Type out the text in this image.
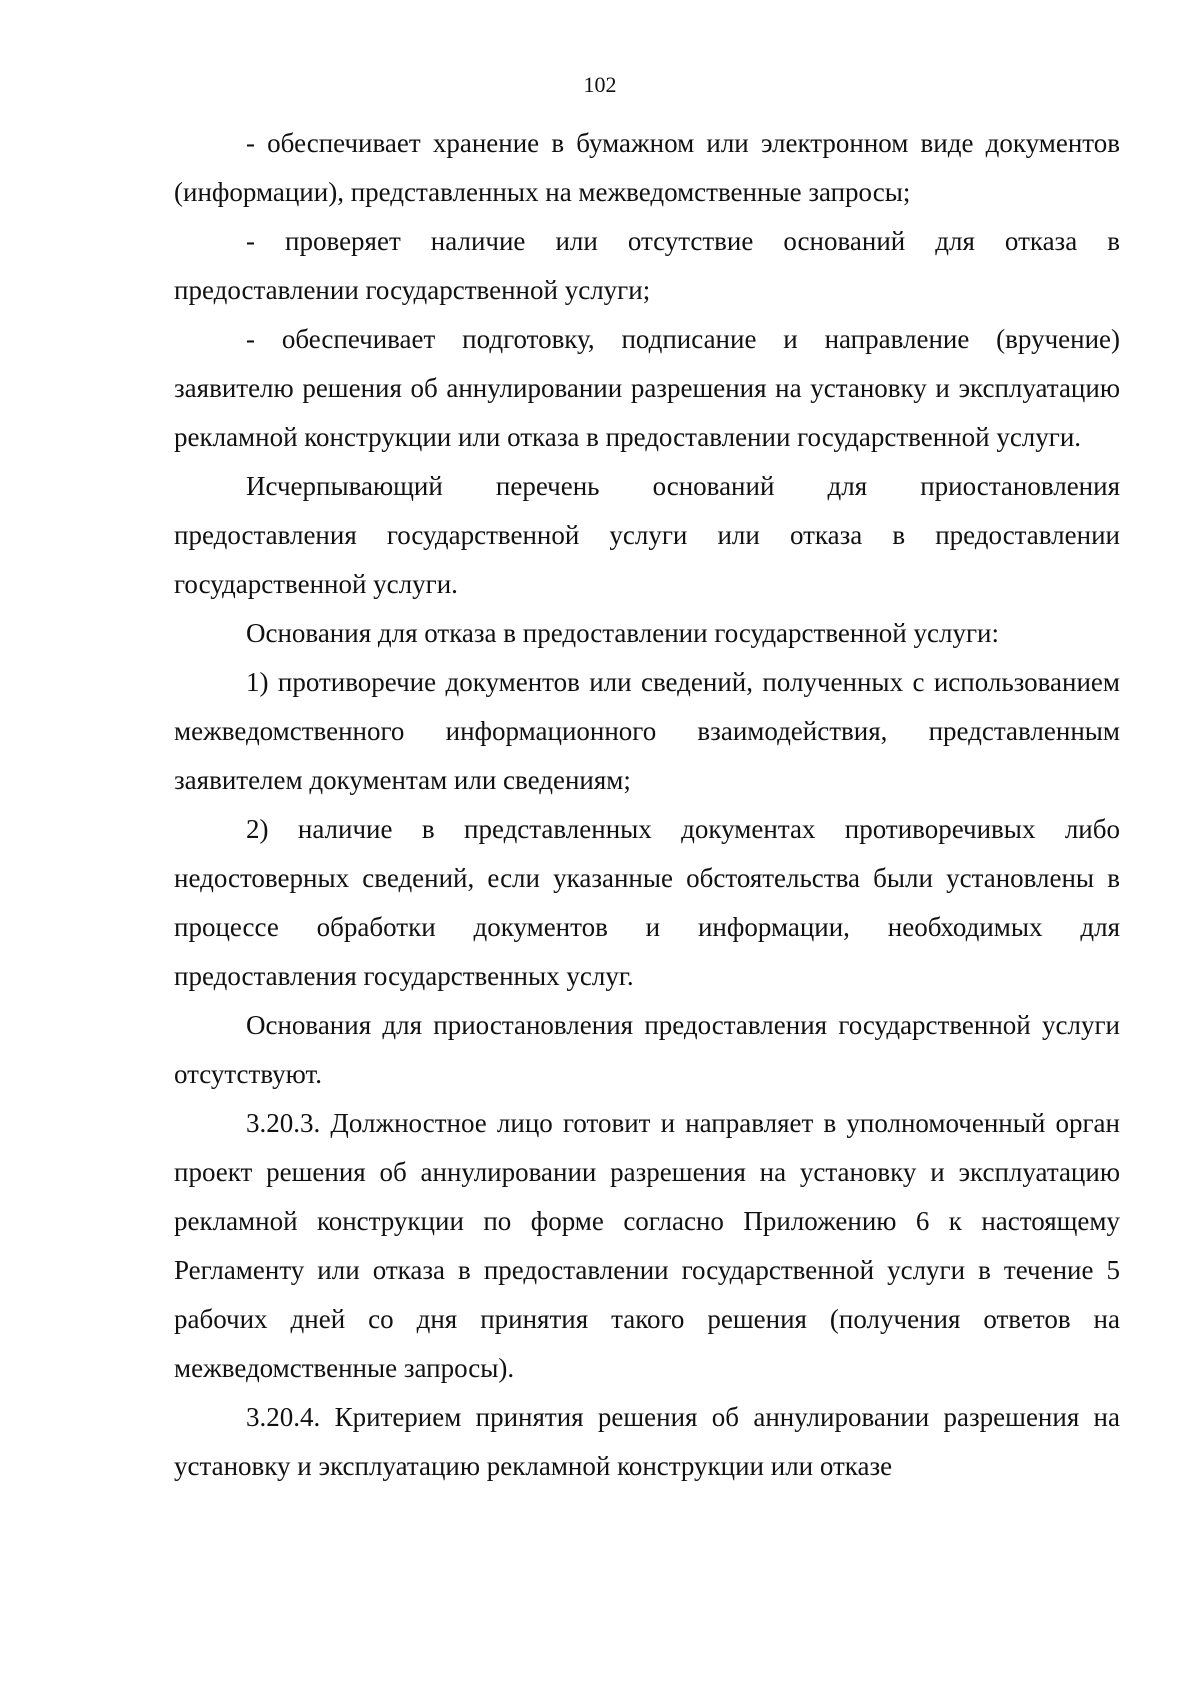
102

- обеспечивает хранение в бумажном или электронном виде документов (информации), представленных на межведомственные запросы;

- проверяет наличие или отсутствие оснований для отказа в предоставлении государственной услуги;

- обеспечивает подготовку, подписание и направление (вручение) заявителю решения об аннулировании разрешения на установку и эксплуатацию рекламной конструкции или отказа в предоставлении государственной услуги.

Исчерпывающий перечень оснований для приостановления предоставления государственной услуги или отказа в предоставлении государственной услуги.

Основания для отказа в предоставлении государственной услуги:

1) противоречие документов или сведений, полученных с использованием межведомственного информационного взаимодействия, представленным заявителем документам или сведениям;

2) наличие в представленных документах противоречивых либо недостоверных сведений, если указанные обстоятельства были установлены в процессе обработки документов и информации, необходимых для предоставления государственных услуг.

Основания для приостановления предоставления государственной услуги отсутствуют.

3.20.3. Должностное лицо готовит и направляет в уполномоченный орган проект решения об аннулировании разрешения на установку и эксплуатацию рекламной конструкции по форме согласно Приложению 6 к настоящему Регламенту или отказа в предоставлении государственной услуги в течение 5 рабочих дней со дня принятия такого решения (получения ответов на межведомственные запросы).

3.20.4. Критерием принятия решения об аннулировании разрешения на установку и эксплуатацию рекламной конструкции или отказе
